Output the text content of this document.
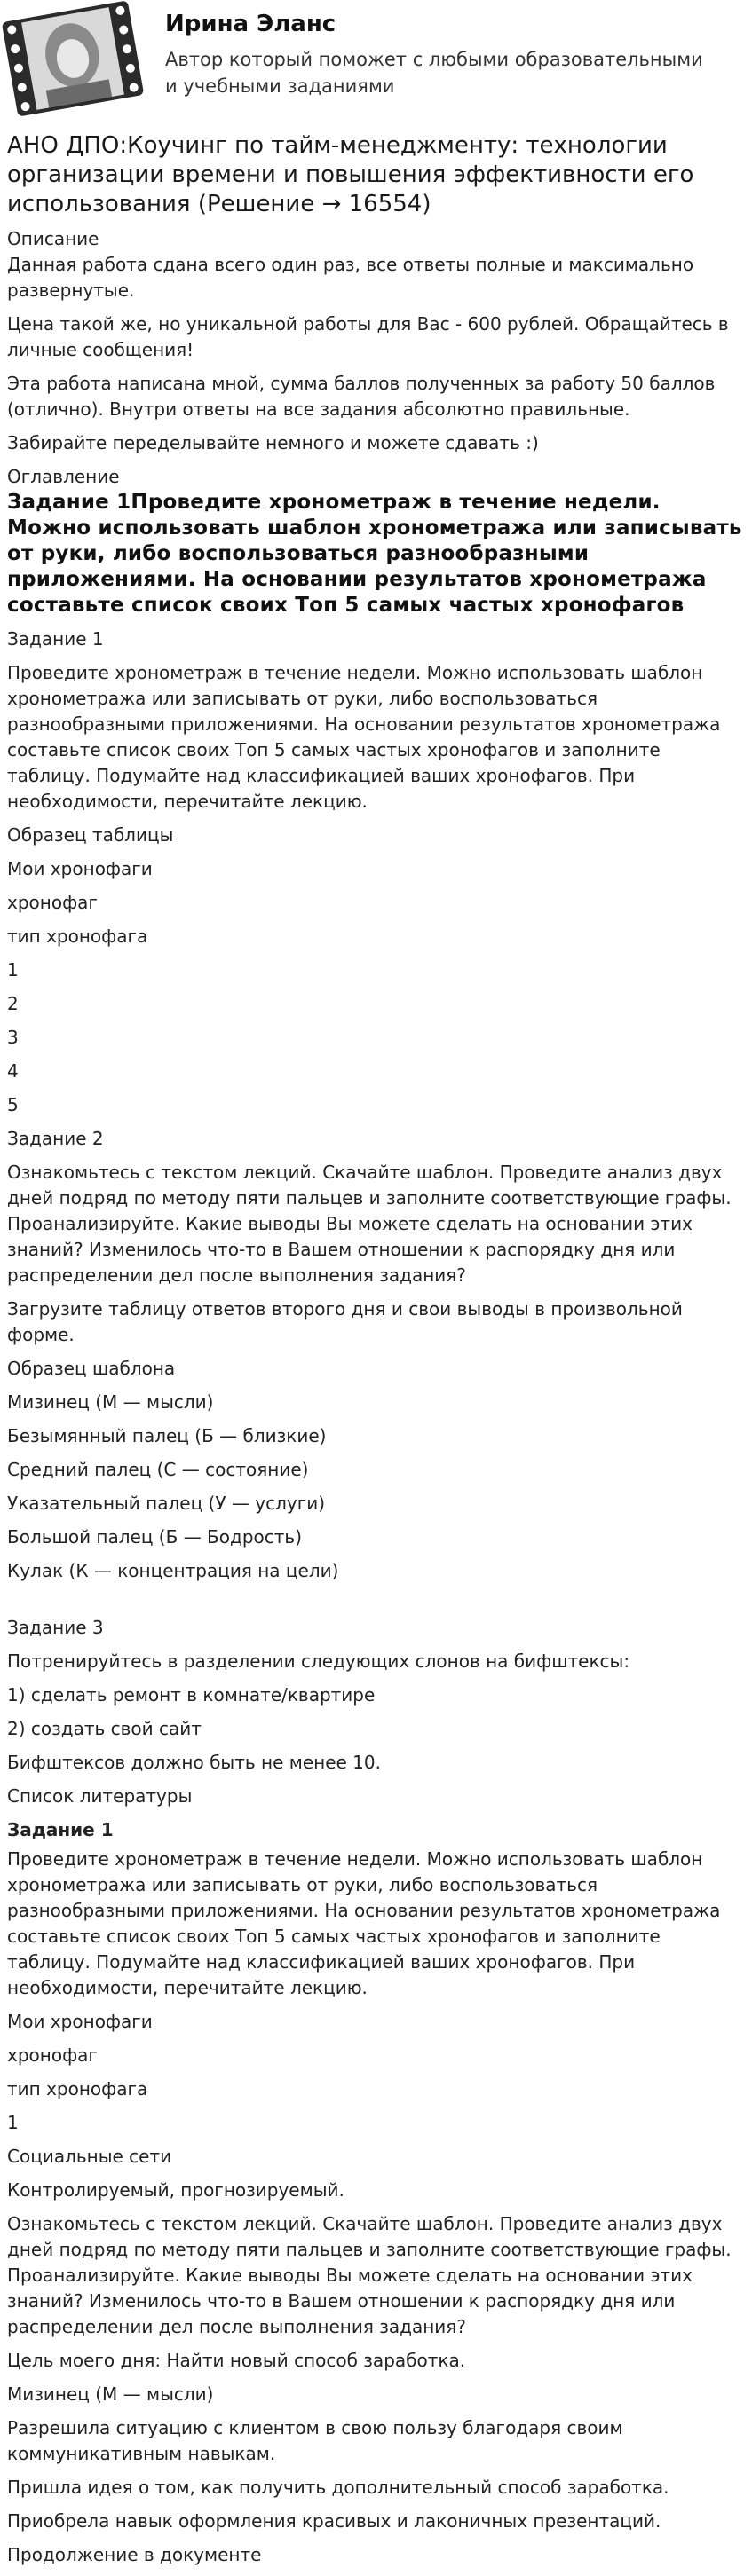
Ирина Эланс
Автор который поможет с любыми образовательными и учебными заданиями
АНО ДПО:Коучинг по тайм-менеджменту: технологии организации времени и повышения эффективности его использования (Решение → 16554)
Описание

Данная работа сдана всего один раз, все ответы полные и максимально развернутые.

Цена такой же, но уникальной работы для Вас - 600 рублей. Обращайтесь в личные сообщения!

Эта работа написана мной, сумма баллов полученных за работу 50 баллов (отлично). Внутри ответы на все задания абсолютно правильные.

Забирайте переделывайте немного и можете сдавать :)

Оглавление
Задание 1Проведите хронометраж в течение недели. Можно использовать шаблон хронометража или записывать от руки, либо воспользоваться разнообразными приложениями. На основании результатов хронометража составьте список своих Топ 5 самых частых хронофагов

Задание 1

Проведите хронометраж в течение недели. Можно использовать шаблон хронометража или записывать от руки, либо воспользоваться разнообразными приложениями. На основании результатов хронометража составьте список своих Топ 5 самых частых хронофагов и заполните таблицу. Подумайте над классификацией ваших хронофагов. При необходимости, перечитайте лекцию.

Образец таблицы

Мои хронофаги

хронофаг

тип хронофага

1

2

3

4

5

Задание 2

Ознакомьтесь с текстом лекций. Скачайте шаблон. Проведите анализ двух дней подряд по методу пяти пальцев и заполните соответствующие графы. Проанализируйте. Какие выводы Вы можете сделать на основании этих знаний? Изменилось что-то в Вашем отношении к распорядку дня или распределении дел после выполнения задания?

Загрузите таблицу ответов второго дня и свои выводы в произвольной форме.

Образец шаблона

Мизинец (М — мысли)

Безымянный палец (Б — близкие)

Средний палец (С — состояние)

Указательный палец (У — услуги)

Большой палец (Б — Бодрость)

Кулак (К — концентрация на цели)

Задание 3

Потренируйтесь в разделении следующих слонов на бифштексы:

1) сделать ремонт в комнате/квартире

2) создать свой сайт

Бифштексов должно быть не менее 10.

Список литературы

Задание 1

Проведите хронометраж в течение недели. Можно использовать шаблон хронометража или записывать от руки, либо воспользоваться разнообразными приложениями. На основании результатов хронометража составьте список своих Топ 5 самых частых хронофагов и заполните таблицу. Подумайте над классификацией ваших хронофагов. При необходимости, перечитайте лекцию.

Мои хронофаги

хронофаг

тип хронофага

1

Социальные сети

Контролируемый, прогнозируемый.

Ознакомьтесь с текстом лекций. Скачайте шаблон. Проведите анализ двух дней подряд по методу пяти пальцев и заполните соответствующие графы. Проанализируйте. Какие выводы Вы можете сделать на основании этих знаний? Изменилось что-то в Вашем отношении к распорядку дня или распределении дел после выполнения задания?

Цель моего дня: Найти новый способ заработка.

Мизинец (М — мысли)

Разрешила ситуацию с клиентом в свою пользу благодаря своим коммуникативным навыкам.

Пришла идея о том, как получить дополнительный способ заработка.

Приобрела навык оформления красивых и лаконичных презентаций.

Продолжение в документе
